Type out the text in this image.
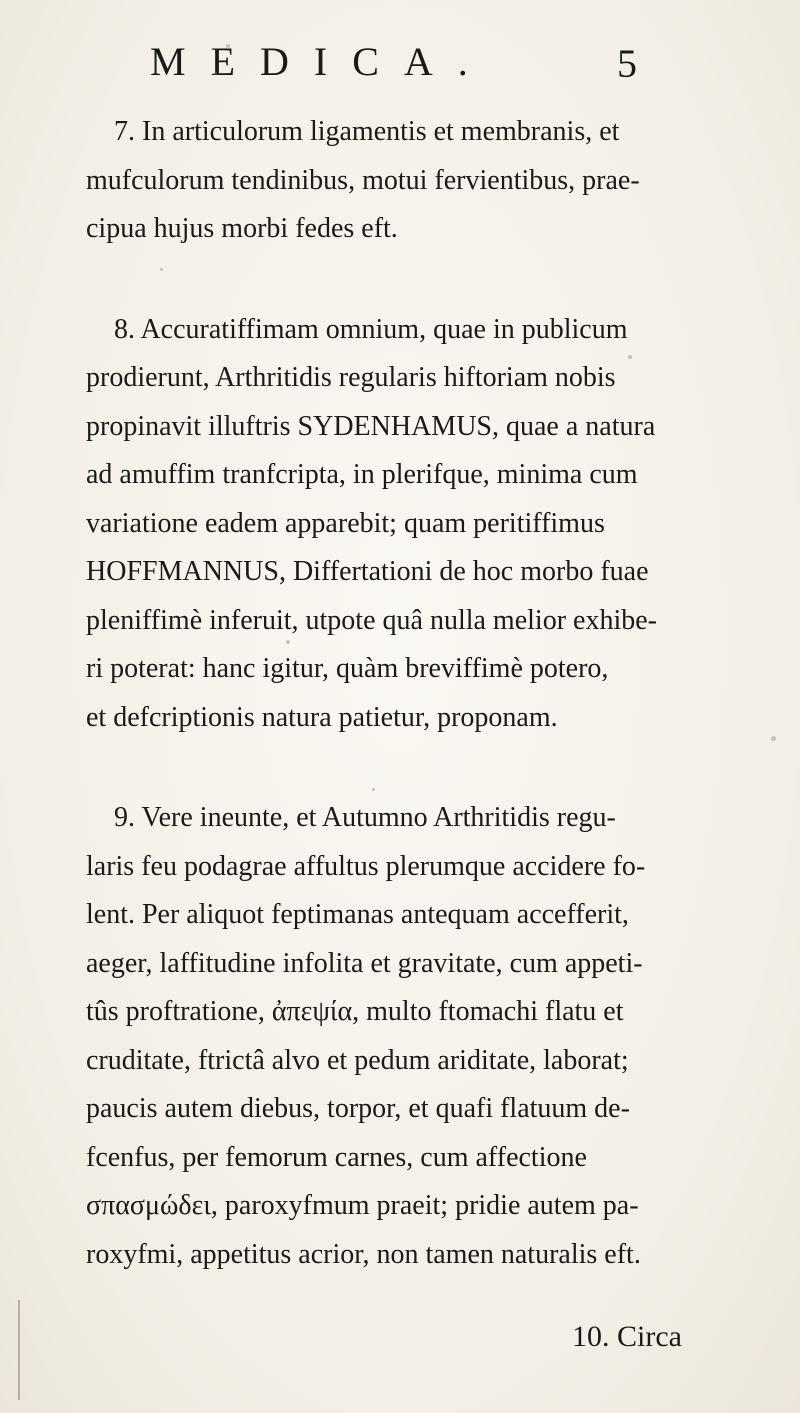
MEDICA.	5

7. In articulorum ligamentis et membranis, et
mufculorum tendinibus, motui fervientibus, prae-
cipua hujus morbi fedes eft.

8. Accuratiffimam omnium, quae in publicum
prodierunt, Arthritidis regularis hiftoriam nobis
propinavit illuftris SYDENHAMUS, quae a natura
ad amuffim tranfcripta, in plerifque, minima cum
variatione eadem apparebit; quam peritiffimus
HOFFMANNUS, Differtationi de hoc morbo fuae
pleniffimè inferuit, utpote quâ nulla melior exhibe-
ri poterat: hanc igitur, quàm breviffimè potero,
et defcriptionis natura patietur, proponam.

9. Vere ineunte, et Autumno Arthritidis regu-
laris feu podagrae affultus plerumque accidere fo-
lent. Per aliquot feptimanas antequam accefferit,
aeger, laffitudine infolita et gravitate, cum appeti-
tûs proftratione, ἀπεψία, multo ftomachi flatu et
cruditate, ftrictâ alvo et pedum ariditate, laborat;
paucis autem diebus, torpor, et quafi flatuum de-
fcenfus, per femorum carnes, cum affectione
σπασμώδει, paroxyfmum praeit; pridie autem pa-
roxyfmi, appetitus acrior, non tamen naturalis eft.

10. Circa
